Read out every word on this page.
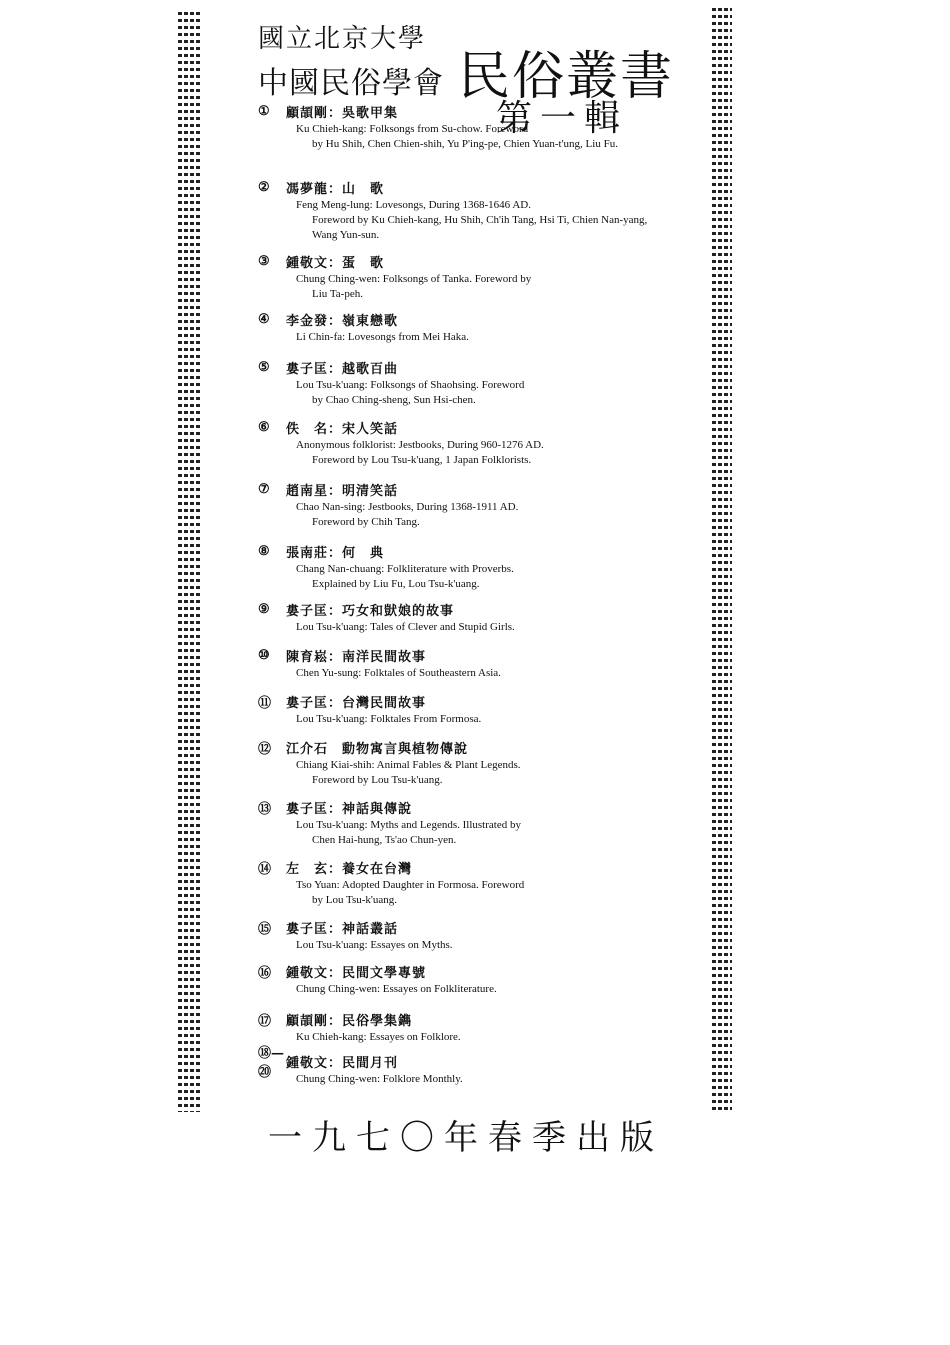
國立北京大學
中國民俗學會 民俗叢書
第一輯
①	顧頡剛：吳歌甲集
Ku Chieh-kang: Folksongs from Su-chow. Foreword
by Hu Shih, Chen Chien-shih, Yu P'ing-pe, Chien Yuan-t'ung, Liu Fu.
②	馮夢龍：山　歌
Feng Meng-lung: Lovesongs, During 1368-1646 AD.
Foreword by Ku Chieh-kang, Hu Shih, Ch'ih Tang, Hsi Ti, Chien Nan-yang, Wang Yun-sun.
③	鍾敬文：蛋　歌
Chung Ching-wen: Folksongs of Tanka. Foreword by
Liu Ta-peh.
④	李金發：嶺東戀歌
Li Chin-fa: Lovesongs from Mei Haka.
⑤	婁子匡：越歌百曲
Lou Tsu-k'uang: Folksongs of Shaohsing. Foreword
by Chao Ching-sheng, Sun Hsi-chen.
⑥	佚　名：宋人笑話
Anonymous folklorist: Jestbooks, During 960-1276 AD.
Foreword by Lou Tsu-k'uang, 1 Japan Folklorists.
⑦	趙南星：明清笑話
Chao Nan-sing: Jestbooks, During 1368-1911 AD.
Foreword by Chih Tang.
⑧	張南莊：何　典
Chang Nan-chuang: Folkliterature with Proverbs.
Explained by Liu Fu, Lou Tsu-k'uang.
⑨	婁子匡：巧女和獃娘的故事
Lou Tsu-k'uang: Tales of Clever and Stupid Girls.
⑩	陳育崧：南洋民間故事
Chen Yu-sung: Folktales of Southeastern Asia.
⑪	婁子匡：台灣民間故事
Lou Tsu-k'uang: Folktales From Formosa.
⑫	江介石　動物寓言與植物傳說
Chiang Kiai-shih: Animal Fables & Plant Legends.
Foreword by Lou Tsu-k'uang.
⑬	婁子匡：神話與傳說
Lou Tsu-k'uang: Myths and Legends. Illustrated by
Chen Hai-hung, Ts'ao Chun-yen.
⑭	左　玄：養女在台灣
Tso Yuan: Adopted Daughter in Formosa. Foreword
by Lou Tsu-k'uang.
⑮	婁子匡：神話叢話
Lou Tsu-k'uang: Essayes on Myths.
⑯	鍾敬文：民間文學專號
Chung Ching-wen: Essayes on Folkliterature.
⑰	顧頡剛：民俗學集鐫
Ku Chieh-kang: Essayes on Folklore.
⑱—⑳
鍾敬文：民間月刊
Chung Ching-wen: Folklore Monthly.
一九七〇年春季出版
